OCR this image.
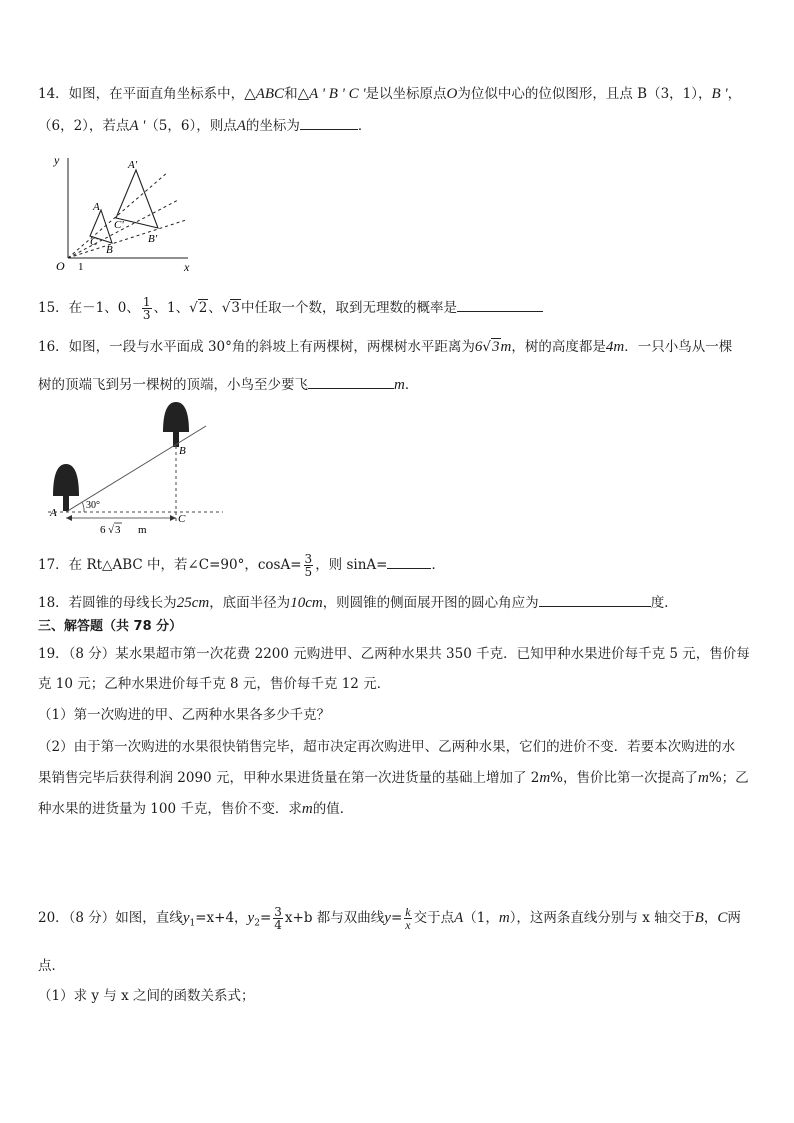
14．如图，在平面直角坐标系中，△ABC和△A ' B ' C '是以坐标原点O为位似中心的位似图形，且点 B（3，1），B '，
（6，2），若点A '（5，6），则点A的坐标为	．
y
x
O 1
A'
A
C'
C
B
B'
15．在－1、0、 $\frac{1}{3}$ 、1、√2、√3中任取一个数，取到无理数的概率是
16．如图，一段与水平面成 30°角的斜坡上有两棵树，两棵树水平距离为6√3m，树的高度都是4m．一只小鸟从一棵
树的顶端飞到另一棵树的顶端，小鸟至少要飞	m．
30°
B
A	C
6 √ 3 m
17．在 Rt△ABC 中，若∠C=90°，$\cos A= \frac{3}{5}$ ，则 sinA=	．
18．若圆锥的母线长为25cm，底面半径为10cm，则圆锥的侧面展开图的圆心角应为	度.
三、解答题（共 78 分）
19．（8 分）某水果超市第一次花费 2200 元购进甲、乙两种水果共 350 千克．已知甲种水果进价每千克 5 元，售价每
克 10 元；乙种水果进价每千克 8 元，售价每千克 12 元．
（1）第一次购进的甲、乙两种水果各多少千克？
（2）由于第一次购进的水果很快销售完毕，超市决定再次购进甲、乙两种水果，它们的进价不变．若要本次购进的水
果销售完毕后获得利润 2090 元，甲种水果进货量在第一次进货量的基础上增加了 2m%，售价比第一次提高了m%；乙
种水果的进货量为 100 千克，售价不变．求m的值．
20．（8 分）如图，直线$y_1=x+4$，$y_2= \frac{3}{4} x+b$ 都与双曲线$y= \frac{k}{x}$ 交于点A（1，m），这两条直线分别与 x 轴交于B，C两
点．
（1）求 y 与 x 之间的函数关系式；
